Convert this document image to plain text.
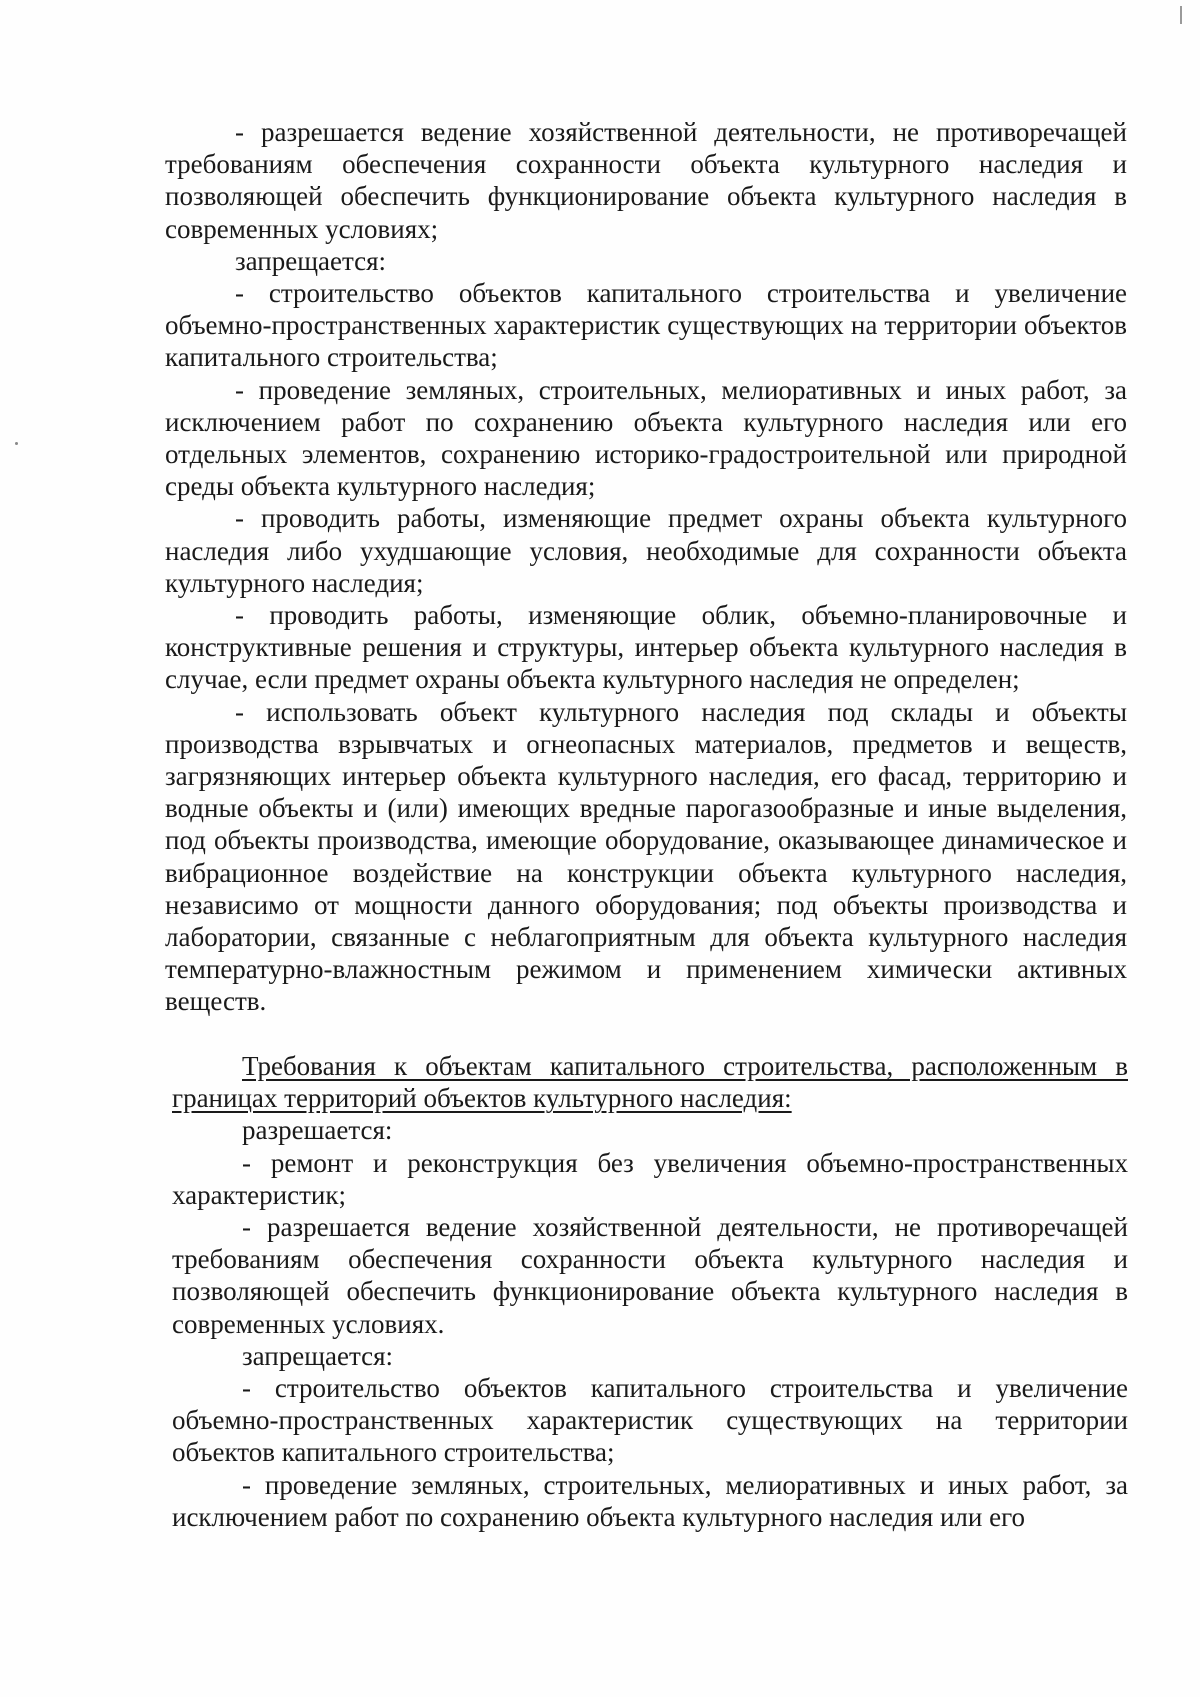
- разрешается ведение хозяйственной деятельности, не противоречащей требованиям обеспечения сохранности объекта культурного наследия и позволяющей обеспечить функционирование объекта культурного наследия в современных условиях;

запрещается:

- строительство объектов капитального строительства и увеличение объемно-пространственных характеристик существующих на территории объектов капитального строительства;

- проведение земляных, строительных, мелиоративных и иных работ, за исключением работ по сохранению объекта культурного наследия или его отдельных элементов, сохранению историко-градостроительной или природной среды объекта культурного наследия;

- проводить работы, изменяющие предмет охраны объекта культурного наследия либо ухудшающие условия, необходимые для сохранности объекта культурного наследия;

- проводить работы, изменяющие облик, объемно-планировочные и конструктивные решения и структуры, интерьер объекта культурного наследия в случае, если предмет охраны объекта культурного наследия не определен;

- использовать объект культурного наследия под склады и объекты производства взрывчатых и огнеопасных материалов, предметов и веществ, загрязняющих интерьер объекта культурного наследия, его фасад, территорию и водные объекты и (или) имеющих вредные парогазообразные и иные выделения, под объекты производства, имеющие оборудование, оказывающее динамическое и вибрационное воздействие на конструкции объекта культурного наследия, независимо от мощности данного оборудования; под объекты производства и лаборатории, связанные с неблагоприятным для объекта культурного наследия температурно-влажностным режимом и применением химически активных веществ.

Требования к объектам капитального строительства, расположенным в границах территорий объектов культурного наследия:

разрешается:

- ремонт и реконструкция без увеличения объемно-пространственных характеристик;

- разрешается ведение хозяйственной деятельности, не противоречащей требованиям обеспечения сохранности объекта культурного наследия и позволяющей обеспечить функционирование объекта культурного наследия в современных условиях.

запрещается:

- строительство объектов капитального строительства и увеличение объемно-пространственных характеристик существующих на территории объектов капитального строительства;

- проведение земляных, строительных, мелиоративных и иных работ, за исключением работ по сохранению объекта культурного наследия или его
